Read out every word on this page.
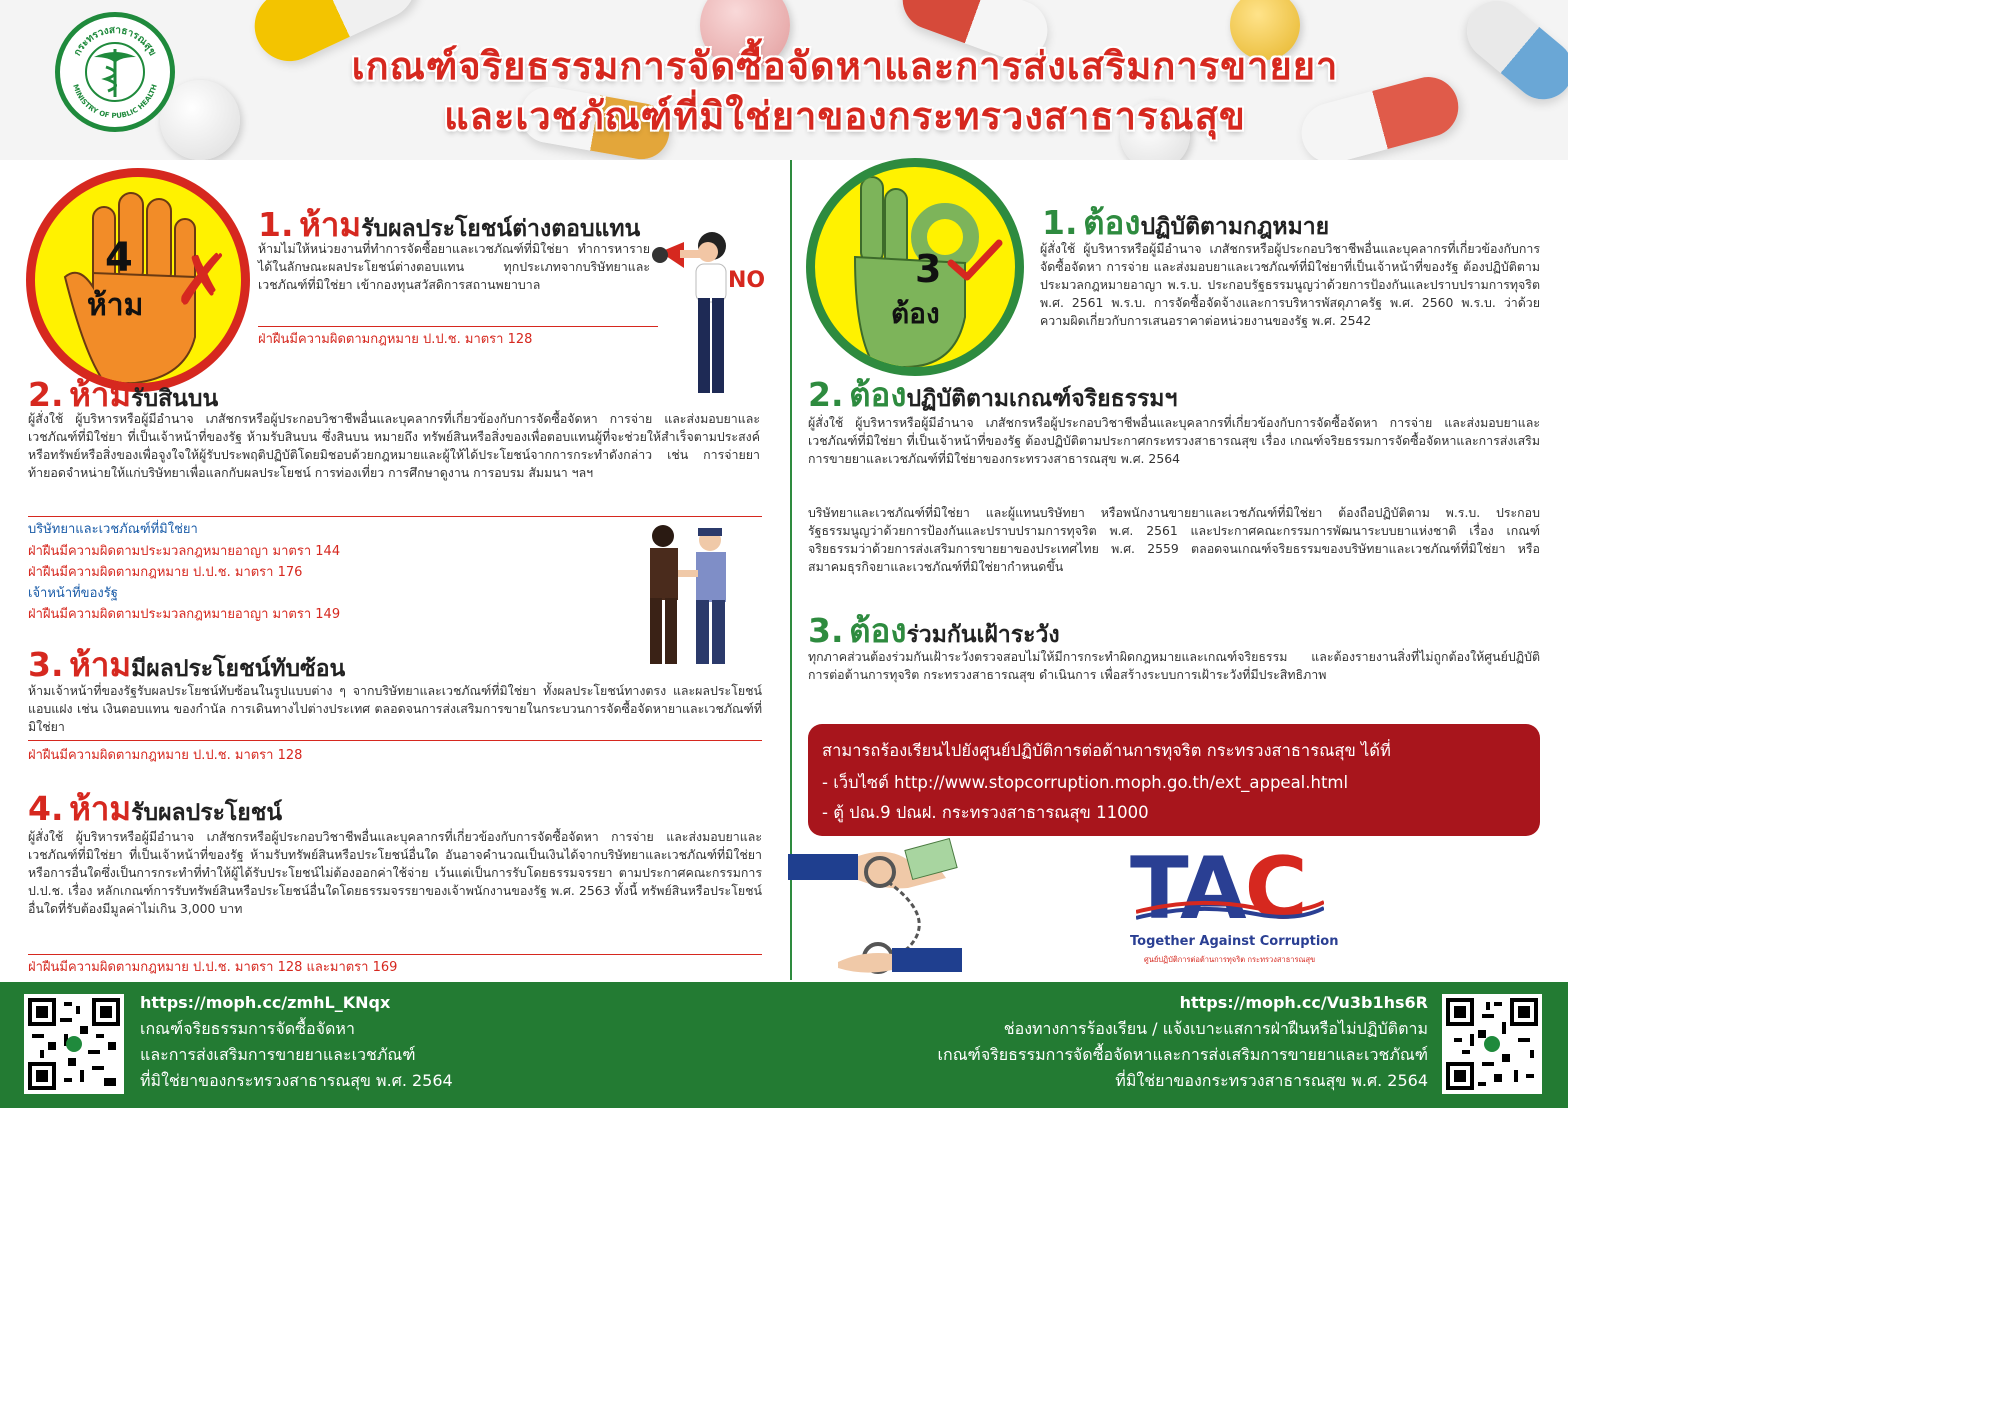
กระทรวงสาธารณสุข
MINISTRY OF PUBLIC HEALTH	เกณฑ์จริยธรรมการจัดซื้อจัดหาและการส่งเสริมการขายยา
และเวชภัณฑ์ที่มิใช่ยาของกระทรวงสาธารณสุข
4
ห้าม ✗
1. ห้ามรับผลประโยชน์ต่างตอบแทน
ห้ามไม่ให้หน่วยงานที่ทำการจัดซื้อยาและเวชภัณฑ์ที่มิใช่ยา ทำการหารายได้ในลักษณะผลประโยชน์ต่างตอบแทน ทุกประเภทจากบริษัทยาและเวชภัณฑ์ที่มิใช่ยา เข้ากองทุนสวัสดิการสถานพยาบาล
ฝ่าฝืนมีความผิดตามกฎหมาย ป.ป.ช. มาตรา 128
NO
2. ห้ามรับสินบน
ผู้สั่งใช้ ผู้บริหารหรือผู้มีอำนาจ เภสัชกรหรือผู้ประกอบวิชาชีพอื่นและบุคลากรที่เกี่ยวข้องกับการจัดซื้อจัดหา การจ่าย และส่งมอบยาและเวชภัณฑ์ที่มิใช่ยา ที่เป็นเจ้าหน้าที่ของรัฐ ห้ามรับสินบน ซึ่งสินบน หมายถึง ทรัพย์สินหรือสิ่งของเพื่อตอบแทนผู้ที่จะช่วยให้สำเร็จตามประสงค์ หรือทรัพย์หรือสิ่งของเพื่อจูงใจให้ผู้รับประพฤติปฏิบัติโดยมิชอบด้วยกฎหมายและผู้ให้ได้ประโยชน์จากการกระทำดังกล่าว เช่น การจ่ายยา ท้ายอดจำหน่ายให้แก่บริษัทยาเพื่อแลกกับผลประโยชน์ การท่องเที่ยว การศึกษาดูงาน การอบรม สัมมนา ฯลฯ
บริษัทยาและเวชภัณฑ์ที่มิใช่ยา
ฝ่าฝืนมีความผิดตามประมวลกฎหมายอาญา มาตรา 144
ฝ่าฝืนมีความผิดตามกฎหมาย ป.ป.ช. มาตรา 176
เจ้าหน้าที่ของรัฐ
ฝ่าฝืนมีความผิดตามประมวลกฎหมายอาญา มาตรา 149
3. ห้ามมีผลประโยชน์ทับซ้อน
ห้ามเจ้าหน้าที่ของรัฐรับผลประโยชน์ทับซ้อนในรูปแบบต่าง ๆ จากบริษัทยาและเวชภัณฑ์ที่มิใช่ยา ทั้งผลประโยชน์ทางตรง และผลประโยชน์แอบแฝง เช่น เงินตอบแทน ของกำนัล การเดินทางไปต่างประเทศ ตลอดจนการส่งเสริมการขายในกระบวนการจัดซื้อจัดหายาและเวชภัณฑ์ที่มิใช่ยา
ฝ่าฝืนมีความผิดตามกฎหมาย ป.ป.ช. มาตรา 128
4. ห้ามรับผลประโยชน์
ผู้สั่งใช้ ผู้บริหารหรือผู้มีอำนาจ เภสัชกรหรือผู้ประกอบวิชาชีพอื่นและบุคลากรที่เกี่ยวข้องกับการจัดซื้อจัดหา การจ่าย และส่งมอบยาและเวชภัณฑ์ที่มิใช่ยา ที่เป็นเจ้าหน้าที่ของรัฐ ห้ามรับทรัพย์สินหรือประโยชน์อื่นใด อันอาจคำนวณเป็นเงินได้จากบริษัทยาและเวชภัณฑ์ที่มิใช่ยา หรือการอื่นใดซึ่งเป็นการกระทำที่ทำให้ผู้ได้รับประโยชน์ไม่ต้องออกค่าใช้จ่าย เว้นแต่เป็นการรับโดยธรรมจรรยา ตามประกาศคณะกรรมการ ป.ป.ช. เรื่อง หลักเกณฑ์การรับทรัพย์สินหรือประโยชน์อื่นใดโดยธรรมจรรยาของเจ้าพนักงานของรัฐ พ.ศ. 2563 ทั้งนี้ ทรัพย์สินหรือประโยชน์อื่นใดที่รับต้องมีมูลค่าไม่เกิน 3,000 บาท
ฝ่าฝืนมีความผิดตามกฎหมาย ป.ป.ช. มาตรา 128 และมาตรา 169
3
ต้อง
1. ต้องปฏิบัติตามกฎหมาย
ผู้สั่งใช้ ผู้บริหารหรือผู้มีอำนาจ เภสัชกรหรือผู้ประกอบวิชาชีพอื่นและบุคลากรที่เกี่ยวข้องกับการจัดซื้อจัดหา การจ่าย และส่งมอบยาและเวชภัณฑ์ที่มิใช่ยาที่เป็นเจ้าหน้าที่ของรัฐ ต้องปฏิบัติตามประมวลกฎหมายอาญา พ.ร.บ. ประกอบรัฐธรรมนูญว่าด้วยการป้องกันและปราบปรามการทุจริต พ.ศ. 2561 พ.ร.บ. การจัดซื้อจัดจ้างและการบริหารพัสดุภาครัฐ พ.ศ. 2560 พ.ร.บ. ว่าด้วยความผิดเกี่ยวกับการเสนอราคาต่อหน่วยงานของรัฐ พ.ศ. 2542
2. ต้องปฏิบัติตามเกณฑ์จริยธรรมฯ
ผู้สั่งใช้ ผู้บริหารหรือผู้มีอำนาจ เภสัชกรหรือผู้ประกอบวิชาชีพอื่นและบุคลากรที่เกี่ยวข้องกับการจัดซื้อจัดหา การจ่าย และส่งมอบยาและเวชภัณฑ์ที่มิใช่ยา ที่เป็นเจ้าหน้าที่ของรัฐ ต้องปฏิบัติตามประกาศกระทรวงสาธารณสุข เรื่อง เกณฑ์จริยธรรมการจัดซื้อจัดหาและการส่งเสริมการขายยาและเวชภัณฑ์ที่มิใช่ยาของกระทรวงสาธารณสุข พ.ศ. 2564
บริษัทยาและเวชภัณฑ์ที่มิใช่ยา และผู้แทนบริษัทยา หรือพนักงานขายยาและเวชภัณฑ์ที่มิใช่ยา ต้องถือปฏิบัติตาม พ.ร.บ. ประกอบรัฐธรรมนูญว่าด้วยการป้องกันและปราบปรามการทุจริต พ.ศ. 2561 และประกาศคณะกรรมการพัฒนาระบบยาแห่งชาติ เรื่อง เกณฑ์จริยธรรมว่าด้วยการส่งเสริมการขายยาของประเทศไทย พ.ศ. 2559 ตลอดจนเกณฑ์จริยธรรมของบริษัทยาและเวชภัณฑ์ที่มิใช่ยา หรือสมาคมธุรกิจยาและเวชภัณฑ์ที่มิใช่ยากำหนดขึ้น
3. ต้องร่วมกันเฝ้าระวัง
ทุกภาคส่วนต้องร่วมกันเฝ้าระวังตรวจสอบไม่ให้มีการกระทำผิดกฎหมายและเกณฑ์จริยธรรม และต้องรายงานสิ่งที่ไม่ถูกต้องให้ศูนย์ปฏิบัติการต่อต้านการทุจริต กระทรวงสาธารณสุข ดำเนินการ เพื่อสร้างระบบการเฝ้าระวังที่มีประสิทธิภาพ
สามารถร้องเรียนไปยังศูนย์ปฏิบัติการต่อต้านการทุจริต กระทรวงสาธารณสุข ได้ที่
- เว็บไซต์ http://www.stopcorruption.moph.go.th/ext_appeal.html
- ตู้ ปณ.9 ปณฝ. กระทรวงสาธารณสุข 11000
TAC
Together Against Corruption
ศูนย์ปฏิบัติการต่อต้านการทุจริต กระทรวงสาธารณสุข
https://moph.cc/zmhL_KNqx
เกณฑ์จริยธรรมการจัดซื้อจัดหา
และการส่งเสริมการขายยาและเวชภัณฑ์
ที่มิใช่ยาของกระทรวงสาธารณสุข พ.ศ. 2564
https://moph.cc/Vu3b1hs6R
ช่องทางการร้องเรียน / แจ้งเบาะแสการฝ่าฝืนหรือไม่ปฏิบัติตาม
เกณฑ์จริยธรรมการจัดซื้อจัดหาและการส่งเสริมการขายยาและเวชภัณฑ์
ที่มิใช่ยาของกระทรวงสาธารณสุข พ.ศ. 2564
